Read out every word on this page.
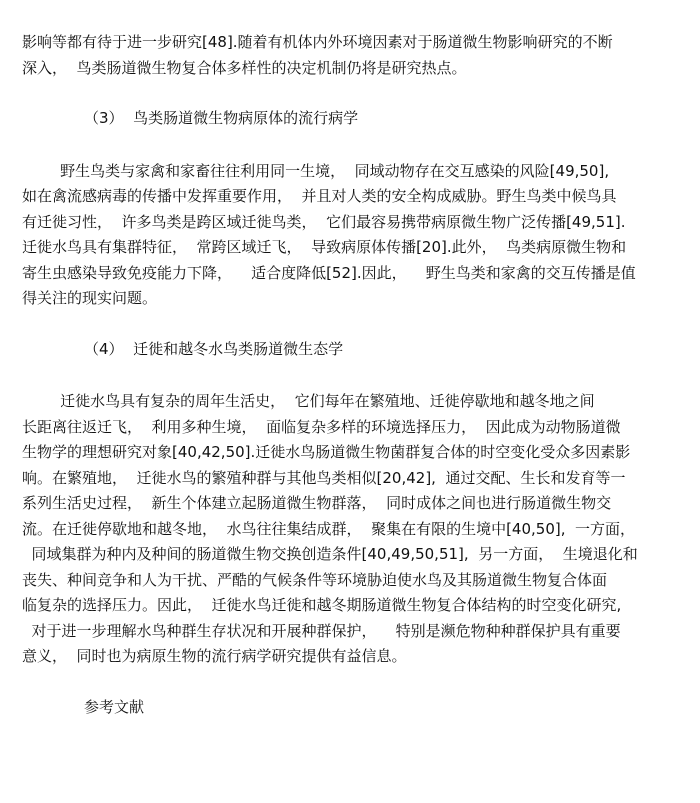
影响等都有待于进一步研究[48].随着有机体内外环境因素对于肠道微生物影响研究的不断
深入，  鸟类肠道微生物复合体多样性的决定机制仍将是研究热点。
（3）  鸟类肠道微生物病原体的流行病学
野生鸟类与家禽和家畜往往利用同一生境，  同域动物存在交互感染的风险[49,50],
如在禽流感病毒的传播中发挥重要作用，  并且对人类的安全构成威胁。野生鸟类中候鸟具
有迁徙习性，  许多鸟类是跨区域迁徙鸟类，  它们最容易携带病原微生物广泛传播[49,51].
迁徙水鸟具有集群特征，  常跨区域迁飞，  导致病原体传播[20].此外，  鸟类病原微生物和
寄生虫感染导致免疫能力下降，    适合度降低[52].因此，    野生鸟类和家禽的交互传播是值
得关注的现实问题。
（4）  迁徙和越冬水鸟类肠道微生态学
迁徙水鸟具有复杂的周年生活史，  它们每年在繁殖地、迁徙停歇地和越冬地之间
长距离往返迁飞，  利用多种生境，  面临复杂多样的环境选择压力，  因此成为动物肠道微
生物学的理想研究对象[40,42,50].迁徙水鸟肠道微生物菌群复合体的时空变化受众多因素影
响。在繁殖地，  迁徙水鸟的繁殖种群与其他鸟类相似[20,42],  通过交配、生长和发育等一
系列生活史过程，  新生个体建立起肠道微生物群落，  同时成体之间也进行肠道微生物交
流。在迁徙停歇地和越冬地，  水鸟往往集结成群，  聚集在有限的生境中[40,50],  一方面，
同域集群为种内及种间的肠道微生物交换创造条件[40,49,50,51],  另一方面，  生境退化和
丧失、种间竞争和人为干扰、严酷的气候条件等环境胁迫使水鸟及其肠道微生物复合体面
临复杂的选择压力。因此，  迁徙水鸟迁徙和越冬期肠道微生物复合体结构的时空变化研究,
对于进一步理解水鸟种群生存状况和开展种群保护，    特别是濒危物种种群保护具有重要
意义，  同时也为病原生物的流行病学研究提供有益信息。
参考文献
